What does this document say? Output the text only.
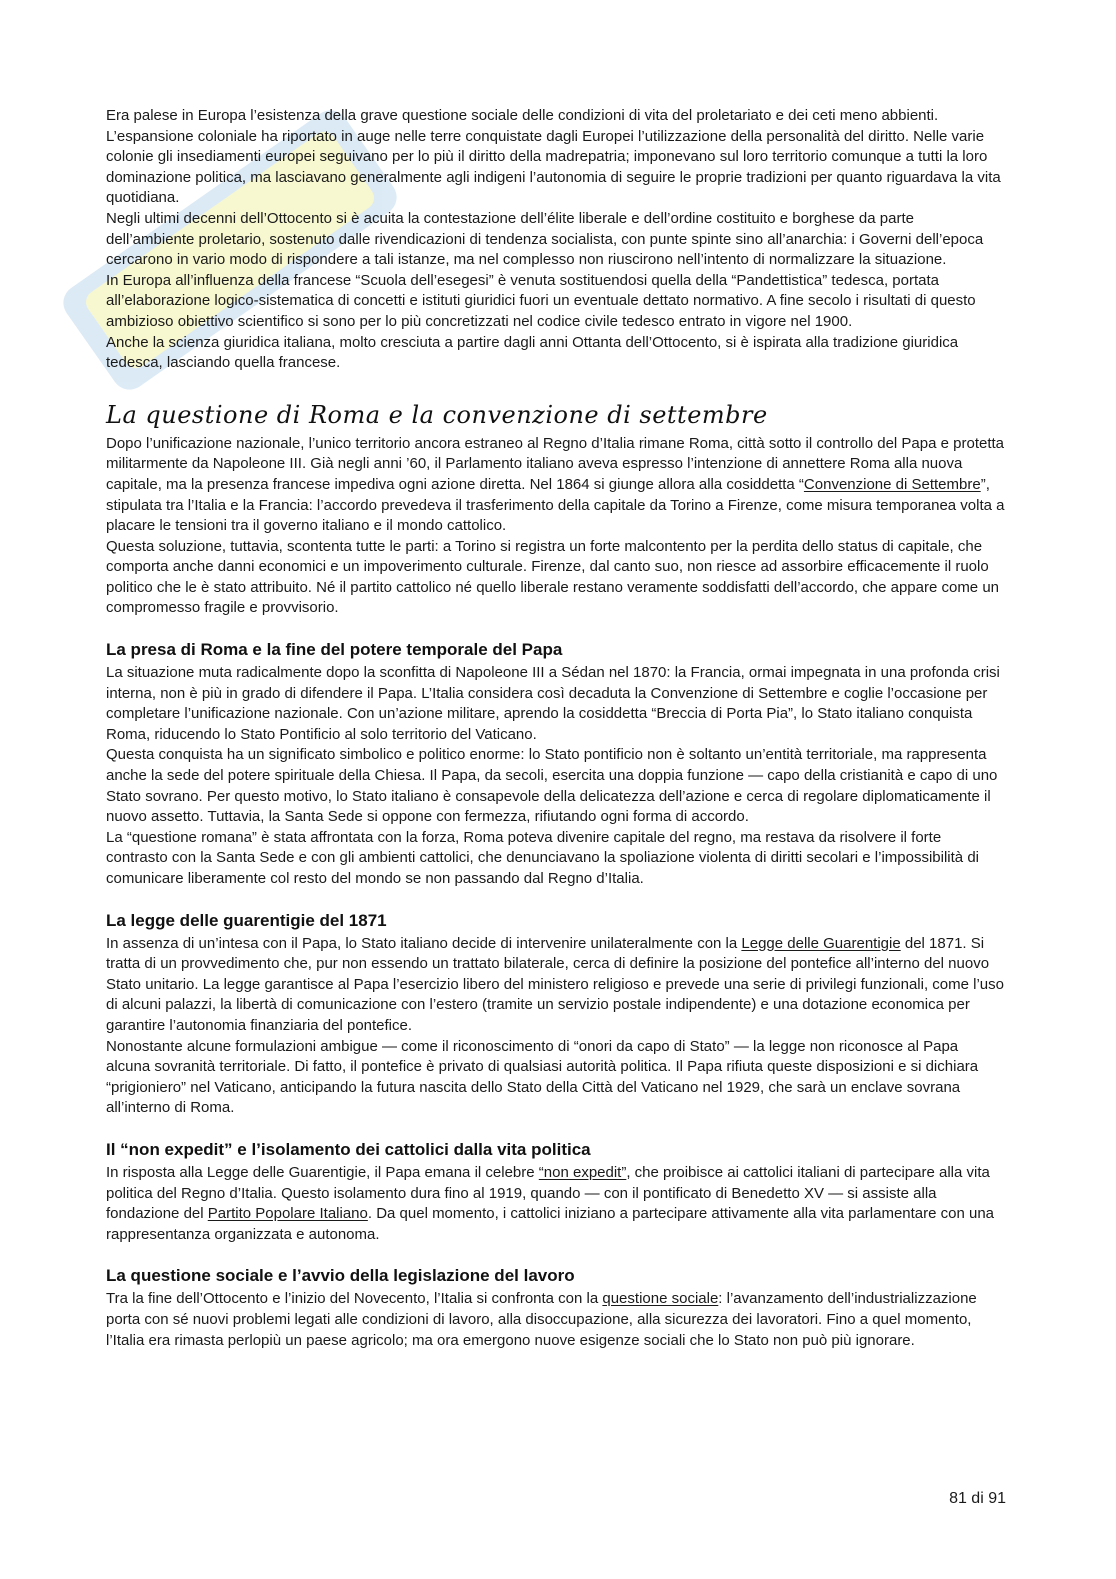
Era palese in Europa l’esistenza della grave questione sociale delle condizioni di vita del proletariato e dei ceti meno abbienti.

L’espansione coloniale ha riportato in auge nelle terre conquistate dagli Europei l’utilizzazione della personalità del diritto. Nelle varie colonie gli insediamenti europei seguivano per lo più il diritto della madrepatria; imponevano sul loro territorio comunque a tutti la loro dominazione politica, ma lasciavano generalmente agli indigeni l’autonomia di seguire le proprie tradizioni per quanto riguardava la vita quotidiana.

Negli ultimi decenni dell’Ottocento si è acuita la contestazione dell’élite liberale e dell’ordine costituito e borghese da parte dell’ambiente proletario, sostenuto dalle rivendicazioni di tendenza socialista, con punte spinte sino all’anarchia: i Governi dell’epoca cercarono in vario modo di rispondere a tali istanze, ma nel complesso non riuscirono nell’intento di normalizzare la situazione.

In Europa all’influenza della francese “Scuola dell’esegesi” è venuta sostituendosi quella della “Pandettistica” tedesca, portata all’elaborazione logico-sistematica di concetti e istituti giuridici fuori un eventuale dettato normativo. A fine secolo i risultati di questo ambizioso obiettivo scientifico si sono per lo più concretizzati nel codice civile tedesco entrato in vigore nel 1900.

Anche la scienza giuridica italiana, molto cresciuta a partire dagli anni Ottanta dell’Ottocento, si è ispirata alla tradizione giuridica tedesca, lasciando quella francese.

La questione di Roma e la convenzione di settembre

Dopo l’unificazione nazionale, l’unico territorio ancora estraneo al Regno d’Italia rimane Roma, città sotto il controllo del Papa e protetta militarmente da Napoleone III. Già negli anni ’60, il Parlamento italiano aveva espresso l’intenzione di annettere Roma alla nuova capitale, ma la presenza francese impediva ogni azione diretta. Nel 1864 si giunge allora alla cosiddetta “Convenzione di Settembre”, stipulata tra l’Italia e la Francia: l’accordo prevedeva il trasferimento della capitale da Torino a Firenze, come misura temporanea volta a placare le tensioni tra il governo italiano e il mondo cattolico.

Questa soluzione, tuttavia, scontenta tutte le parti: a Torino si registra un forte malcontento per la perdita dello status di capitale, che comporta anche danni economici e un impoverimento culturale. Firenze, dal canto suo, non riesce ad assorbire efficacemente il ruolo politico che le è stato attribuito. Né il partito cattolico né quello liberale restano veramente soddisfatti dell’accordo, che appare come un compromesso fragile e provvisorio.

La presa di Roma e la fine del potere temporale del Papa

La situazione muta radicalmente dopo la sconfitta di Napoleone III a Sédan nel 1870: la Francia, ormai impegnata in una profonda crisi interna, non è più in grado di difendere il Papa. L’Italia considera così decaduta la Convenzione di Settembre e coglie l’occasione per completare l’unificazione nazionale. Con un’azione militare, aprendo la cosiddetta “Breccia di Porta Pia”, lo Stato italiano conquista Roma, riducendo lo Stato Pontificio al solo territorio del Vaticano.

Questa conquista ha un significato simbolico e politico enorme: lo Stato pontificio non è soltanto un’entità territoriale, ma rappresenta anche la sede del potere spirituale della Chiesa. Il Papa, da secoli, esercita una doppia funzione — capo della cristianità e capo di uno Stato sovrano. Per questo motivo, lo Stato italiano è consapevole della delicatezza dell’azione e cerca di regolare diplomaticamente il nuovo assetto. Tuttavia, la Santa Sede si oppone con fermezza, rifiutando ogni forma di accordo.

La “questione romana” è stata affrontata con la forza, Roma poteva divenire capitale del regno, ma restava da risolvere il forte contrasto con la Santa Sede e con gli ambienti cattolici, che denunciavano la spoliazione violenta di diritti secolari e l’impossibilità di comunicare liberamente col resto del mondo se non passando dal Regno d’Italia.

La legge delle guarentigie del 1871

In assenza di un’intesa con il Papa, lo Stato italiano decide di intervenire unilateralmente con la Legge delle Guarentigie del 1871. Si tratta di un provvedimento che, pur non essendo un trattato bilaterale, cerca di definire la posizione del pontefice all’interno del nuovo Stato unitario. La legge garantisce al Papa l’esercizio libero del ministero religioso e prevede una serie di privilegi funzionali, come l’uso di alcuni palazzi, la libertà di comunicazione con l’estero (tramite un servizio postale indipendente) e una dotazione economica per garantire l’autonomia finanziaria del pontefice.

Nonostante alcune formulazioni ambigue — come il riconoscimento di “onori da capo di Stato” — la legge non riconosce al Papa alcuna sovranità territoriale. Di fatto, il pontefice è privato di qualsiasi autorità politica. Il Papa rifiuta queste disposizioni e si dichiara “prigioniero” nel Vaticano, anticipando la futura nascita dello Stato della Città del Vaticano nel 1929, che sarà un enclave sovrana all’interno di Roma.

Il “non expedit” e l’isolamento dei cattolici dalla vita politica

In risposta alla Legge delle Guarentigie, il Papa emana il celebre “non expedit”, che proibisce ai cattolici italiani di partecipare alla vita politica del Regno d’Italia. Questo isolamento dura fino al 1919, quando — con il pontificato di Benedetto XV — si assiste alla fondazione del Partito Popolare Italiano. Da quel momento, i cattolici iniziano a partecipare attivamente alla vita parlamentare con una rappresentanza organizzata e autonoma.

La questione sociale e l’avvio della legislazione del lavoro

Tra la fine dell’Ottocento e l’inizio del Novecento, l’Italia si confronta con la questione sociale: l’avanzamento dell’industrializzazione porta con sé nuovi problemi legati alle condizioni di lavoro, alla disoccupazione, alla sicurezza dei lavoratori. Fino a quel momento, l’Italia era rimasta perlopiù un paese agricolo; ma ora emergono nuove esigenze sociali che lo Stato non può più ignorare.

81 di 91
